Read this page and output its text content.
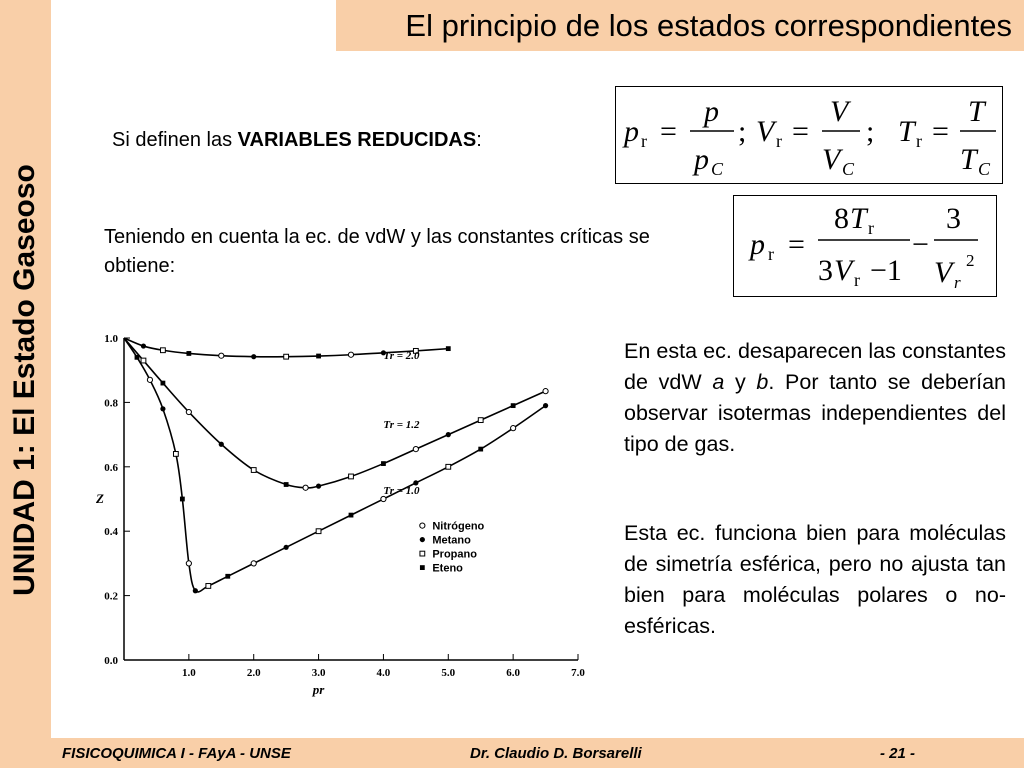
UNIDAD 1: El Estado Gaseoso
El principio de los estados correspondientes
Si definen las VARIABLES REDUCIDAS:	p r =
p
p C
; V r =
V
V C
; T r =
T
T C
Teniendo en cuenta la ec. de vdW y las constantes críticas se obtiene:
p r =
8 T r
3 V r −1
−
3
V r
2
1.0	2.0	3.0	4.0	5.0	6.0	7.0
0.0
0.2
0.4
0.6
0.8
1.0
pr
Z
Tr = 2.0
Tr = 1.2
Tr = 1.0
Nitrógeno
Metano
Propano
Eteno
En esta ec. desaparecen las constantes de vdW a y b. Por tanto se deberían observar isotermas independientes del tipo de gas.
Esta ec. funciona bien para moléculas de simetría esférica, pero no ajusta tan bien para moléculas polares o no-esféricas.
FISICOQUIMICA I - FAyA - UNSE	Dr. Claudio D. Borsarelli	- 21 -
